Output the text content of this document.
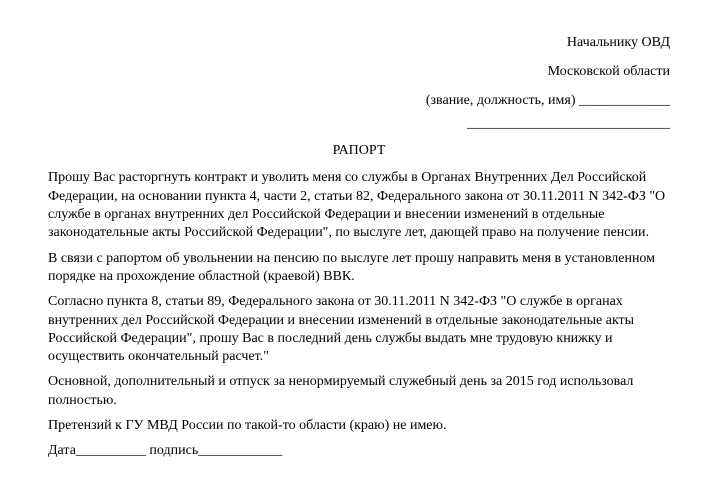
Начальнику ОВД
Московской области
(звание, должность, имя) _____________
_____________________________
РАПОРТ

Прошу Вас расторгнуть контракт и уволить меня со службы в Органах Внутренних Дел Российской Федерации, на основании пункта 4, части 2, статьи 82, Федерального закона от 30.11.2011 N 342-ФЗ "О службе в органах внутренних дел Российской Федерации и внесении изменений в отдельные законодательные акты Российской Федерации", по выслуге лет, дающей право на получение пенсии.

В связи с рапортом об увольнении на пенсию по выслуге лет прошу направить меня в установленном порядке на прохождение областной (краевой) ВВК.

Согласно пункта 8, статьи 89, Федерального закона от 30.11.2011 N 342-ФЗ "О службе в органах внутренних дел Российской Федерации и внесении изменений в отдельные законодательные акты Российской Федерации", прошу Вас в последний день службы выдать мне трудовую книжку и осуществить окончательный расчет."

Основной, дополнительный и отпуск за ненормируемый служебный день за 2015 год использовал полностью.

Претензий к ГУ МВД России по такой-то области (краю) не имею.

Дата__________ подпись____________
